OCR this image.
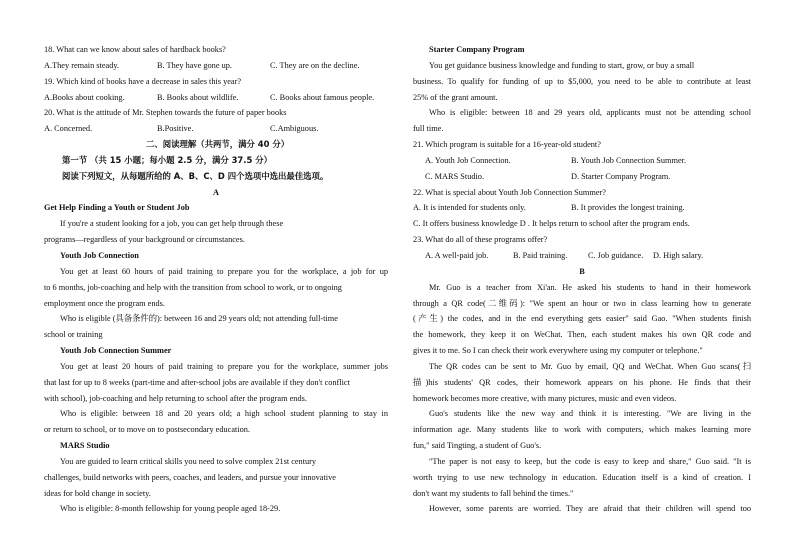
18. What can we know about sales of hardback books?
A.They remain steady.	B. They have gone up.	C. They are on the decline.
19. Which kind of books have a decrease in sales this year?
A.Books about cooking.	B. Books about wildlife.	C. Books about famous people.
20. What is the attitude of Mr. Stephen towards the future of paper books
A. Concerned.	B.Positive.	C.Ambiguous.
二、阅读理解（共两节，满分 40 分）
第一节 （共 15 小题；每小题 2.5 分，满分 37.5 分）
阅读下列短文，从每题所给的 A、B、C、D 四个选项中选出最佳选项。
A
Get Help Finding a Youth or Student Job
If you're a student looking for a job, you can get help through these
programs—regardless of your background or circumstances.
Youth Job Connection
You get at least 60 hours of paid training to prepare you for the workplace, a job for up
to 6 months, job-coaching and help with the transition from school to work, or to ongoing
employment once the program ends.
Who is eligible (具备条件的): between 16 and 29 years old; not attending full-time
school or training
Youth Job Connection Summer
You get at least 20 hours of paid training to prepare you for the workplace, summer jobs
that last for up to 8 weeks (part-time and after-school jobs are available if they don't conflict
with school), job-coaching and help returning to school after the program ends.
Who is eligible: between 18 and 20 years old; a high school student planning to stay in
or return to school, or to move on to postsecondary education.
MARS Studio
You are guided to learn critical skills you need to solve complex 21st century
challenges, build networks with peers, coaches, and leaders, and pursue your innovative
ideas for bold change in society.
Who is eligible: 8-month fellowship for young people aged 18-29.
Starter Company Program
You get guidance business knowledge and funding to start, grow, or buy a small
business. To qualify for funding of up to $5,000, you need to be able to contribute at least
25% of the grant amount.
Who is eligible: between 18 and 29 years old, applicants must not be attending school
full time.
21. Which program is suitable for a 16-year-old student?
A. Youth Job Connection.	B. Youth Job Connection Summer.
C. MARS Studio.	D. Starter Company Program.
22. What is special about Youth Job Connection Summer?
A. It is intended for students only.	B. It provides the longest training.
C. It offers business knowledge D . It helps return to school after the program ends.
23. What do all of these programs offer?
A. A well-paid job.	B. Paid training. C. Job guidance. D. High salary.
B
Mr. Guo is a teacher from Xi'an. He asked his students to hand in their homework
through a QR code(二维码): "We spent an hour or two in class learning how to generate
(产生) the codes, and in the end everything gets easier" said Gao. "When students finish
the homework, they keep it on WeChat. Then, each student makes his own QR code and
gives it to me. So I can check their work everywhere using my computer or telephone."
The QR codes can be sent to Mr. Guo by email, QQ and WeChat. When Guo scans(扫
描)his students' QR codes, their homework appears on his phone. He finds that their
homework becomes more creative, with many pictures, music and even videos.
Guo's students like the new way and think it is interesting. "We are living in the
information age. Many students like to work with computers, which makes learning more
fun," said Tingting, a student of Guo's.
"The paper is not easy to keep, but the code is easy to keep and share," Guo said. "It is
worth trying to use new technology in education. Education itself is a kind of creation. I
don't want my students to fall behind the times."
However, some parents are worried. They are afraid that their children will spend too
